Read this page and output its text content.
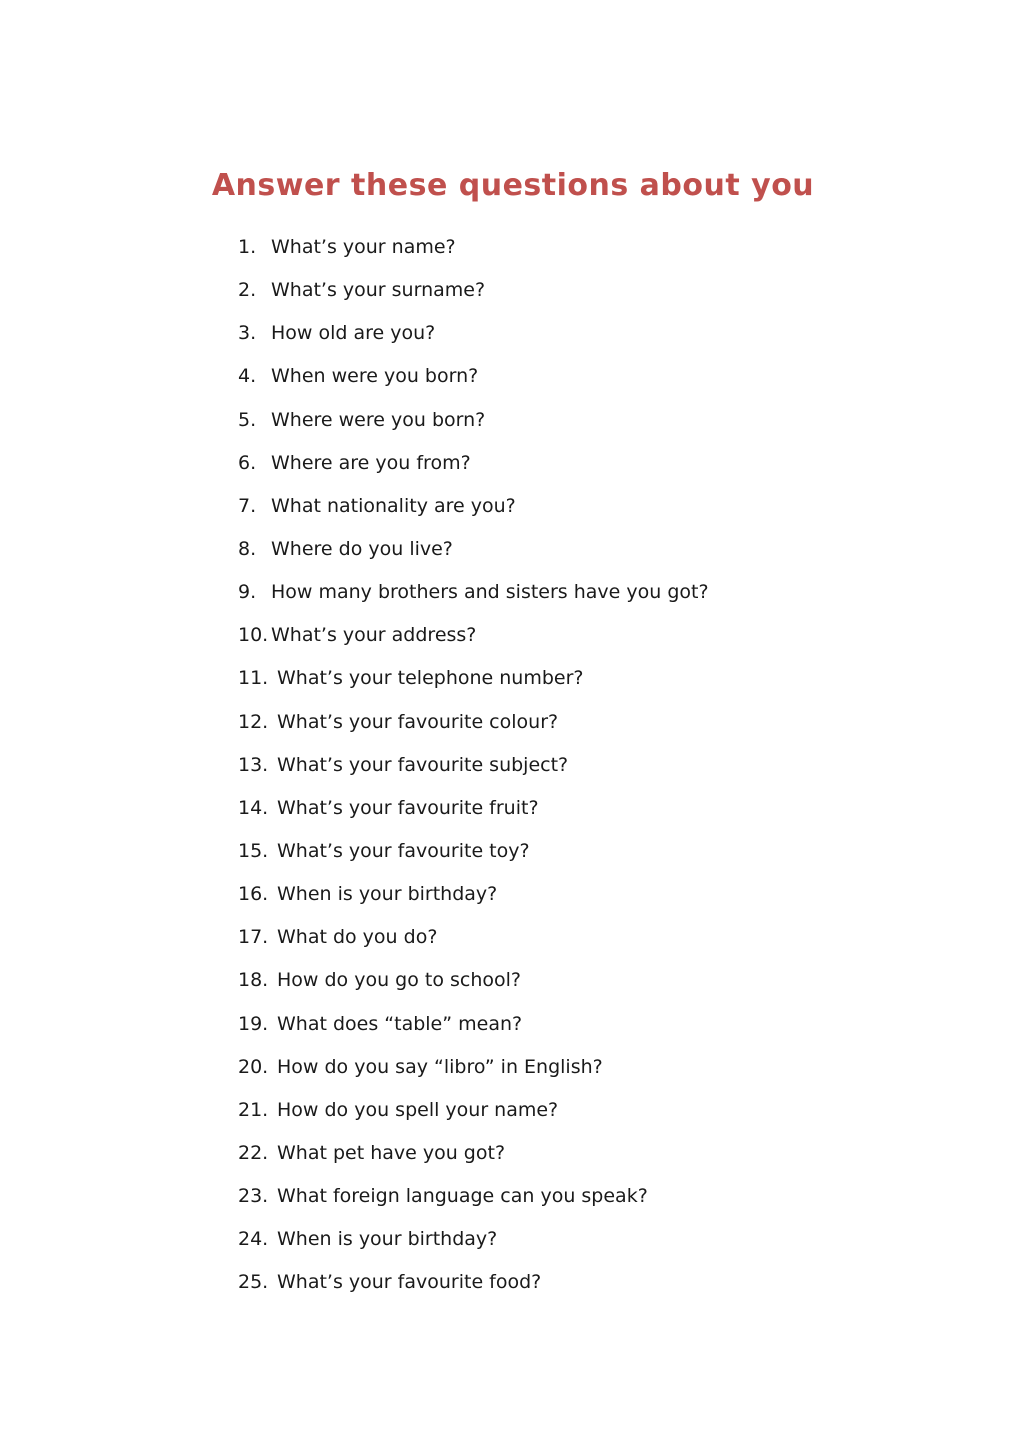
Answer these questions about you
1. What’s your name?
2. What’s your surname?
3. How old are you?
4. When were you born?
5. Where were you born?
6. Where are you from?
7. What nationality are you?
8. Where do you live?
9. How many brothers and sisters have you got?
10. What’s your address?
11. What’s your telephone number?
12. What’s your favourite colour?
13. What’s your favourite subject?
14. What’s your favourite fruit?
15. What’s your favourite toy?
16. When is your birthday?
17. What do you do?
18. How do you go to school?
19. What does “table” mean?
20. How do you say “libro” in English?
21. How do you spell your name?
22. What pet have you got?
23. What foreign language can you speak?
24. When is your birthday?
25. What’s your favourite food?
